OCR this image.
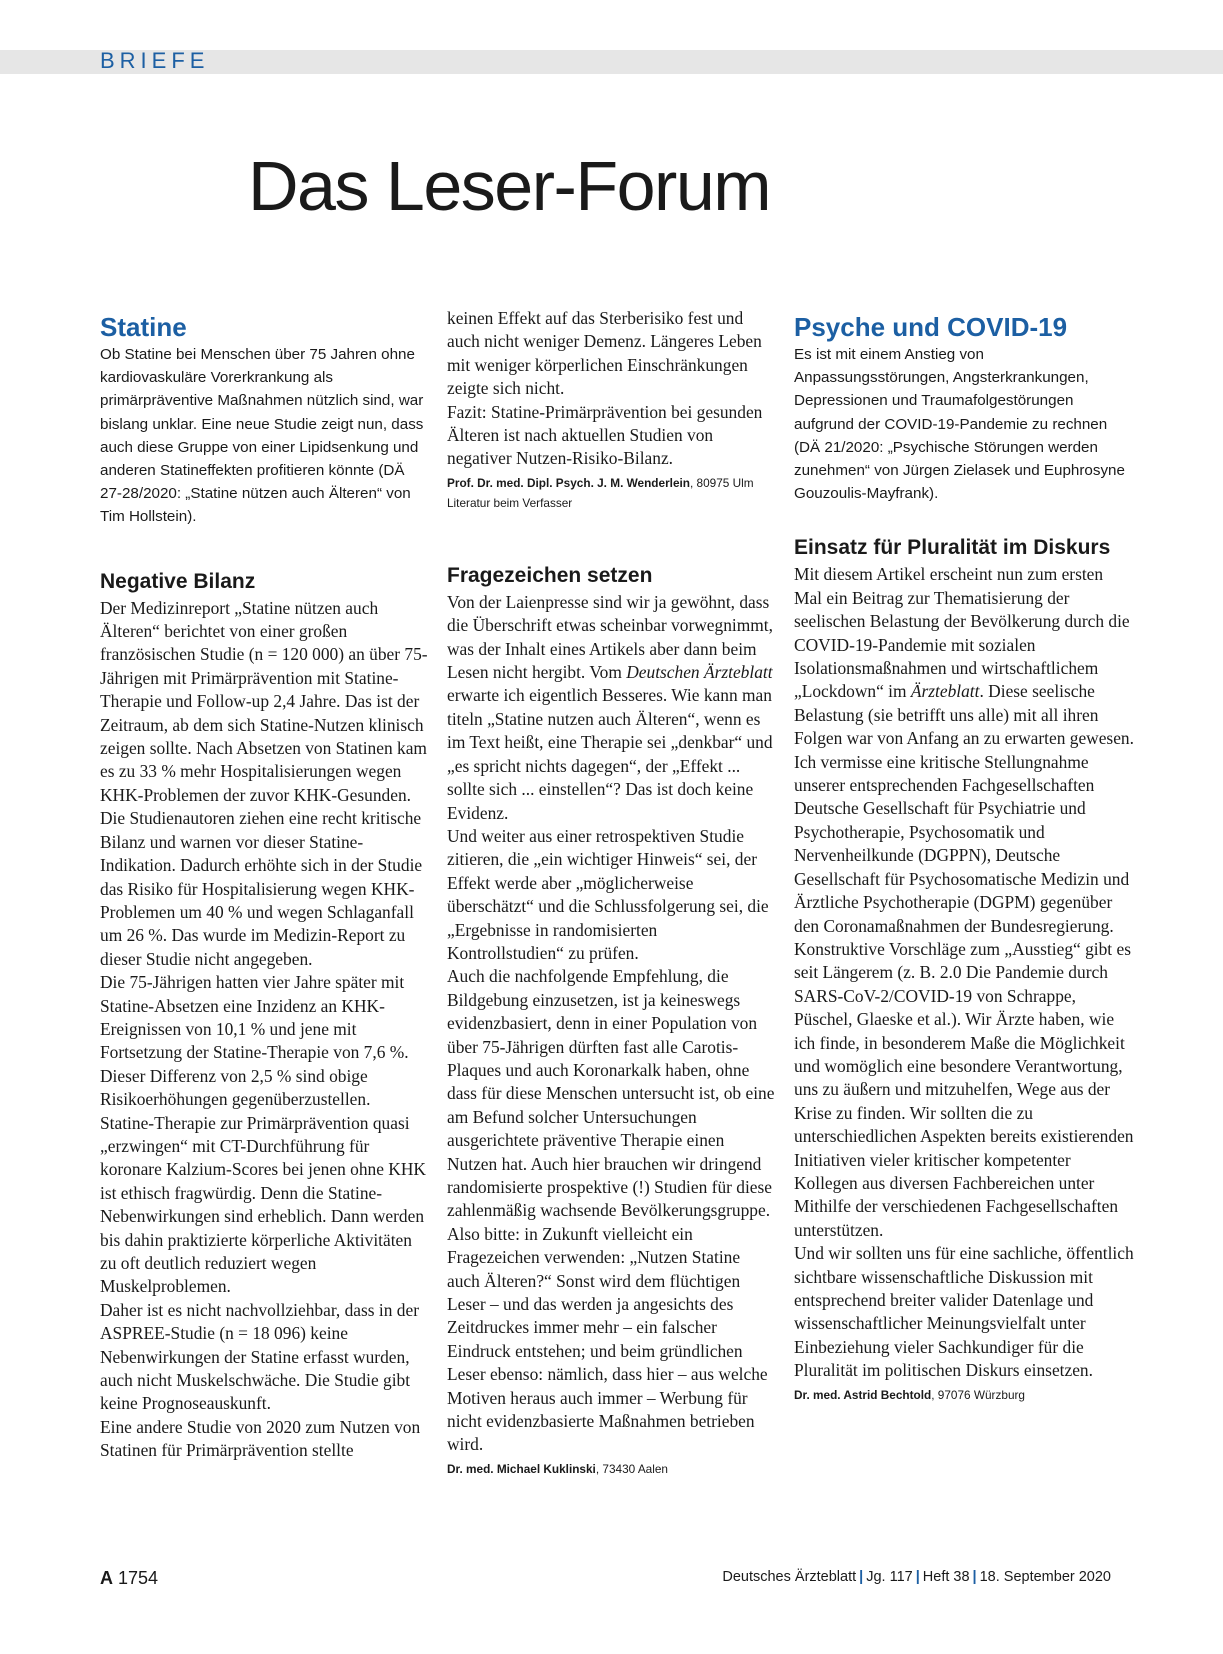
BRIEFE
Das Leser-Forum
Statine

Ob Statine bei Menschen über 75 Jahren ohne kardiovaskuläre Vorerkrankung als primärpräventive Maßnahmen nützlich sind, war bislang unklar. Eine neue Studie zeigt nun, dass auch diese Gruppe von einer Lipidsenkung und anderen Statineffekten profitieren könnte (DÄ 27-28/2020: „Statine nützen auch Älteren“ von Tim Hollstein).

Negative Bilanz

Der Medizinreport „Statine nützen auch Älteren“ berichtet von einer großen französischen Studie (n = 120 000) an über 75-Jährigen mit Primärprävention mit Statine-Therapie und Follow-up 2,4 Jahre. Das ist der Zeitraum, ab dem sich Statine-Nutzen klinisch zeigen sollte. Nach Absetzen von Statinen kam es zu 33 % mehr Hospitalisierungen wegen KHK-Problemen der zuvor KHK-Gesunden. Die Studienautoren ziehen eine recht kritische Bilanz und warnen vor dieser Statine-Indikation. Dadurch erhöhte sich in der Studie das Risiko für Hospitalisierung wegen KHK-Problemen um 40 % und wegen Schlaganfall um 26 %. Das wurde im Medizin-Report zu dieser Studie nicht angegeben.

Die 75-Jährigen hatten vier Jahre später mit Statine-Absetzen eine Inzidenz an KHK-Ereignissen von 10,1 % und jene mit Fortsetzung der Statine-Therapie von 7,6 %. Dieser Differenz von 2,5 % sind obige Risikoerhöhungen gegenüberzustellen.

Statine-Therapie zur Primärprävention quasi „erzwingen“ mit CT-Durchführung für koronare Kalzium-Scores bei jenen ohne KHK ist ethisch fragwürdig. Denn die Statine-Nebenwirkungen sind erheblich. Dann werden bis dahin praktizierte körperliche Aktivitäten zu oft deutlich reduziert wegen Muskelproblemen.

Daher ist es nicht nachvollziehbar, dass in der ASPREE-Studie (n = 18 096) keine Nebenwirkungen der Statine erfasst wurden, auch nicht Muskelschwäche. Die Studie gibt keine Prognoseauskunft.

Eine andere Studie von 2020 zum Nutzen von Statinen für Primärprävention stellte

keinen Effekt auf das Sterberisiko fest und auch nicht weniger Demenz. Längeres Leben mit weniger körperlichen Einschränkungen zeigte sich nicht.

Fazit: Statine-Primärprävention bei gesunden Älteren ist nach aktuellen Studien von negativer Nutzen-Risiko-Bilanz.

Prof. Dr. med. Dipl. Psych. J. M. Wenderlein, 80975 Ulm

Literatur beim Verfasser

Fragezeichen setzen

Von der Laienpresse sind wir ja gewöhnt, dass die Überschrift etwas scheinbar vorwegnimmt, was der Inhalt eines Artikels aber dann beim Lesen nicht hergibt. Vom Deutschen Ärzteblatt erwarte ich eigentlich Besseres. Wie kann man titeln „Statine nutzen auch Älteren“, wenn es im Text heißt, eine Therapie sei „denkbar“ und „es spricht nichts dagegen“, der „Effekt ... sollte sich ... einstellen“? Das ist doch keine Evidenz.

Und weiter aus einer retrospektiven Studie zitieren, die „ein wichtiger Hinweis“ sei, der Effekt werde aber „möglicherweise überschätzt“ und die Schlussfolgerung sei, die „Ergebnisse in randomisierten Kontrollstudien“ zu prüfen.

Auch die nachfolgende Empfehlung, die Bildgebung einzusetzen, ist ja keineswegs evidenzbasiert, denn in einer Population von über 75-Jährigen dürften fast alle Carotis-Plaques und auch Koronarkalk haben, ohne dass für diese Menschen untersucht ist, ob eine am Befund solcher Untersuchungen ausgerichtete präventive Therapie einen Nutzen hat. Auch hier brauchen wir dringend randomisierte prospektive (!) Studien für diese zahlenmäßig wachsende Bevölkerungsgruppe.

Also bitte: in Zukunft vielleicht ein Fragezeichen verwenden: „Nutzen Statine auch Älteren?“ Sonst wird dem flüchtigen Leser – und das werden ja angesichts des Zeitdruckes immer mehr – ein falscher Eindruck entstehen; und beim gründlichen Leser ebenso: nämlich, dass hier – aus welche Motiven heraus auch immer – Werbung für nicht evidenzbasierte Maßnahmen betrieben wird.

Dr. med. Michael Kuklinski, 73430 Aalen

Psyche und COVID-19

Es ist mit einem Anstieg von Anpassungsstörungen, Angsterkrankungen, Depressionen und Traumafolgestörungen aufgrund der COVID-19-Pandemie zu rechnen (DÄ 21/2020: „Psychische Störungen werden zunehmen“ von Jürgen Zielasek und Euphrosyne Gouzoulis-Mayfrank).

Einsatz für Pluralität im Diskurs

Mit diesem Artikel erscheint nun zum ersten Mal ein Beitrag zur Thematisierung der seelischen Belastung der Bevölkerung durch die COVID-19-Pandemie mit sozialen Isolationsmaßnahmen und wirtschaftlichem „Lockdown“ im Ärzteblatt. Diese seelische Belastung (sie betrifft uns alle) mit all ihren Folgen war von Anfang an zu erwarten gewesen. Ich vermisse eine kritische Stellungnahme unserer entsprechenden Fachgesellschaften Deutsche Gesellschaft für Psychiatrie und Psychotherapie, Psychosomatik und Nervenheilkunde (DGPPN), Deutsche Gesellschaft für Psychosomatische Medizin und Ärztliche Psychotherapie (DGPM) gegenüber den Coronamaßnahmen der Bundesregierung. Konstruktive Vorschläge zum „Ausstieg“ gibt es seit Längerem (z. B. 2.0 Die Pandemie durch SARS-CoV-2/COVID-19 von Schrappe, Püschel, Glaeske et al.). Wir Ärzte haben, wie ich finde, in besonderem Maße die Möglichkeit und womöglich eine besondere Verantwortung, uns zu äußern und mitzuhelfen, Wege aus der Krise zu finden. Wir sollten die zu unterschiedlichen Aspekten bereits existierenden Initiativen vieler kritischer kompetenter Kollegen aus diversen Fachbereichen unter Mithilfe der verschiedenen Fachgesellschaften unterstützen.

Und wir sollten uns für eine sachliche, öffentlich sichtbare wissenschaftliche Diskussion mit entsprechend breiter valider Datenlage und wissenschaftlicher Meinungsvielfalt unter Einbeziehung vieler Sachkundiger für die Pluralität im politischen Diskurs einsetzen.

Dr. med. Astrid Bechtold, 97076 Würzburg

A 1754	Deutsches Ärzteblatt | Jg. 117 | Heft 38 | 18. September 2020
